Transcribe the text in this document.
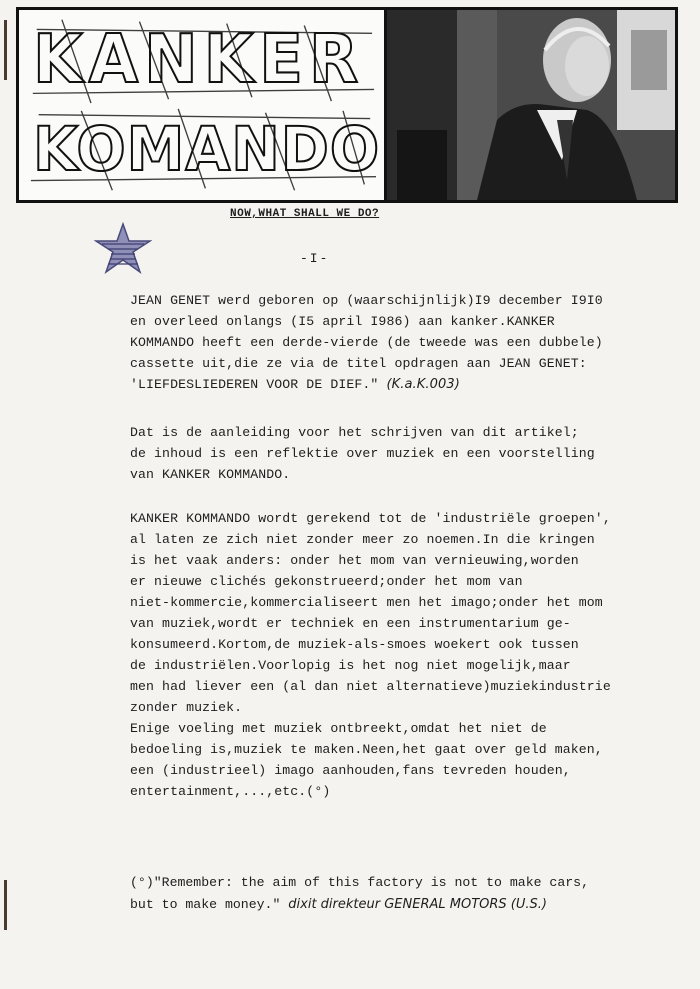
KANKER
KOMANDO
NOW,WHAT SHALL WE DO?
-I-
JEAN GENET werd geboren op (waarschijnlijk)I9 december I9I0
en overleed onlangs (I5 april I986) aan kanker.KANKER
KOMMANDO heeft een derde-vierde (de tweede was een dubbele)
cassette uit,die ze via de titel opdragen aan JEAN GENET:
'LIEFDESLIEDEREN VOOR DE DIEF." (K.a.K.003)
Dat is de aanleiding voor het schrijven van dit artikel;
de inhoud is een reflektie over muziek en een voorstelling
van KANKER KOMMANDO.
KANKER KOMMANDO wordt gerekend tot de 'industriële groepen',
al laten ze zich niet zonder meer zo noemen.In die kringen
is het vaak anders: onder het mom van vernieuwing,worden
er nieuwe clichés gekonstrueerd;onder het mom van
niet-kommercie,kommercialiseert men het imago;onder het mom
van muziek,wordt er techniek en een instrumentarium ge-
konsumeerd.Kortom,de muziek-als-smoes woekert ook tussen
de industriëlen.Voorlopig is het nog niet mogelijk,maar
men had liever een (al dan niet alternatieve)muziekindustrie
zonder muziek.
Enige voeling met muziek ontbreekt,omdat het niet de
bedoeling is,muziek te maken.Neen,het gaat over geld maken,
een (industrieel) imago aanhouden,fans tevreden houden,
entertainment,...,etc.(°)

(°)"Remember: the aim of this factory is not to make cars,
but to make money." dixit direkteur GENERAL MOTORS (U.S.)
